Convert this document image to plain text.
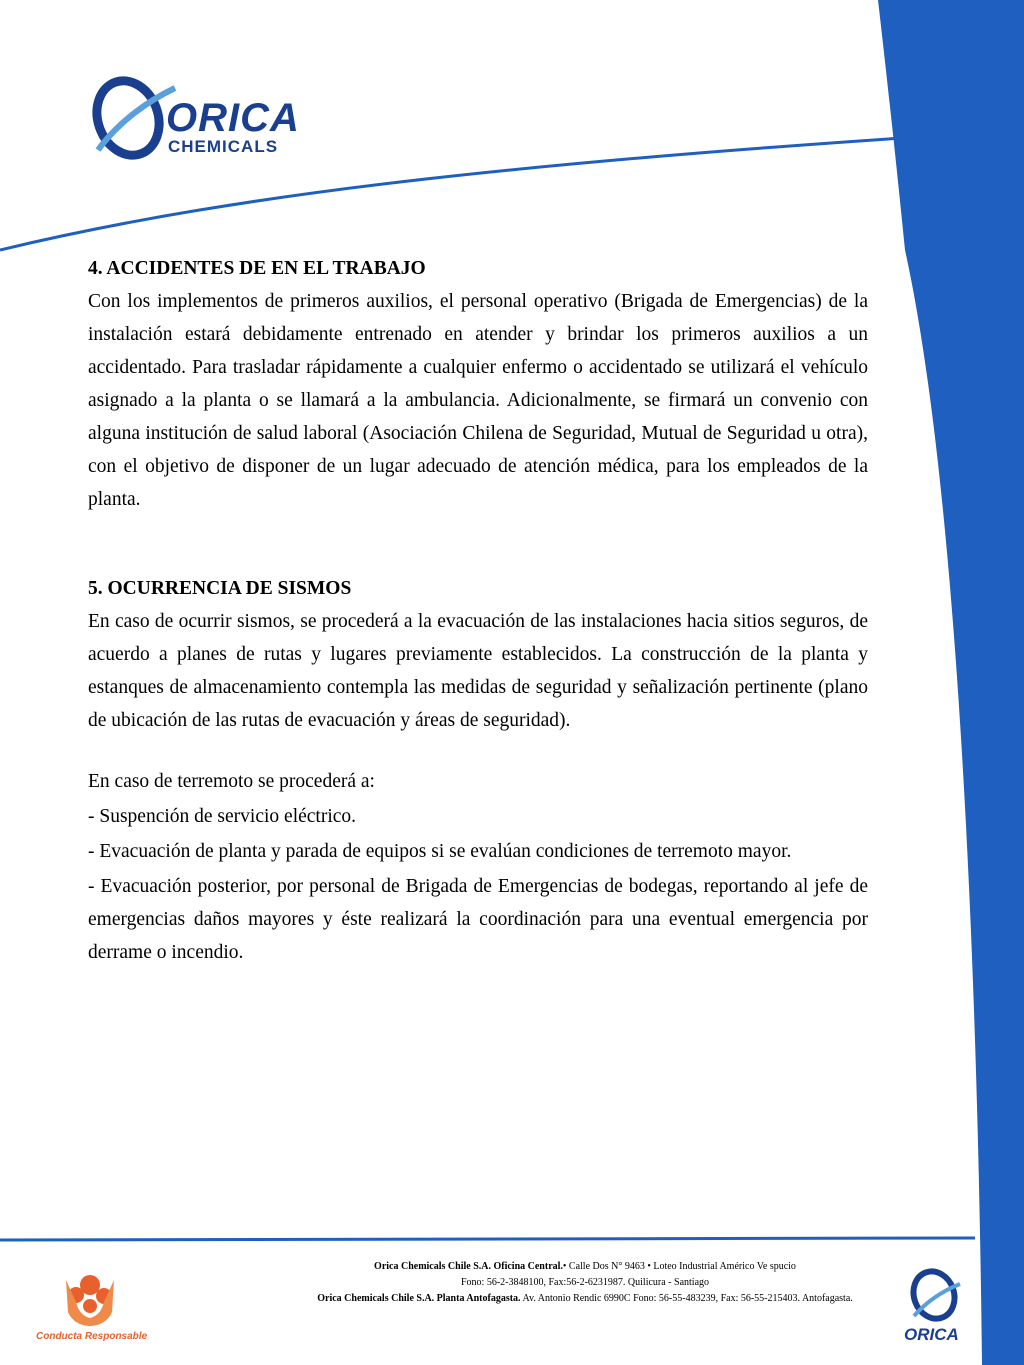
ORICA
CHEMICALS

4. ACCIDENTES DE EN EL TRABAJO

Con los implementos de primeros auxilios, el personal operativo (Brigada de Emergencias) de la instalación estará debidamente entrenado en atender y brindar los primeros auxilios a un accidentado. Para trasladar rápidamente a cualquier enfermo o accidentado se utilizará el vehículo asignado a la planta o se llamará a la ambulancia. Adicionalmente, se firmará un convenio con alguna institución de salud laboral (Asociación Chilena de Seguridad, Mutual de Seguridad u otra), con el objetivo de disponer de un lugar adecuado de atención médica, para los empleados de la planta.

5. OCURRENCIA DE SISMOS

En caso de ocurrir sismos, se procederá a la evacuación de las instalaciones hacia sitios seguros, de acuerdo a planes de rutas y lugares previamente establecidos. La construcción de la planta y estanques de almacenamiento contempla las medidas de seguridad y señalización pertinente (plano de ubicación de las rutas de evacuación y áreas de seguridad).

En caso de terremoto se procederá a:

- Suspención de servicio eléctrico.

- Evacuación de planta y parada de equipos si se evalúan condiciones de terremoto mayor.

- Evacuación posterior, por personal de Brigada de Emergencias de bodegas, reportando al jefe de emergencias daños mayores y éste realizará la coordinación para una eventual emergencia por derrame o incendio.

Orica Chemicals Chile S.A. Oficina Central.• Calle Dos N° 9463 • Loteo Industrial Américo Ve spucio
Fono: 56-2-3848100, Fax:56-2-6231987. Quilicura - Santiago
Orica Chemicals Chile S.A. Planta Antofagasta. Av. Antonio Rendic 6990C Fono: 56-55-483239, Fax: 56-55-215403. Antofagasta.
Conducta Responsable	ORICA
